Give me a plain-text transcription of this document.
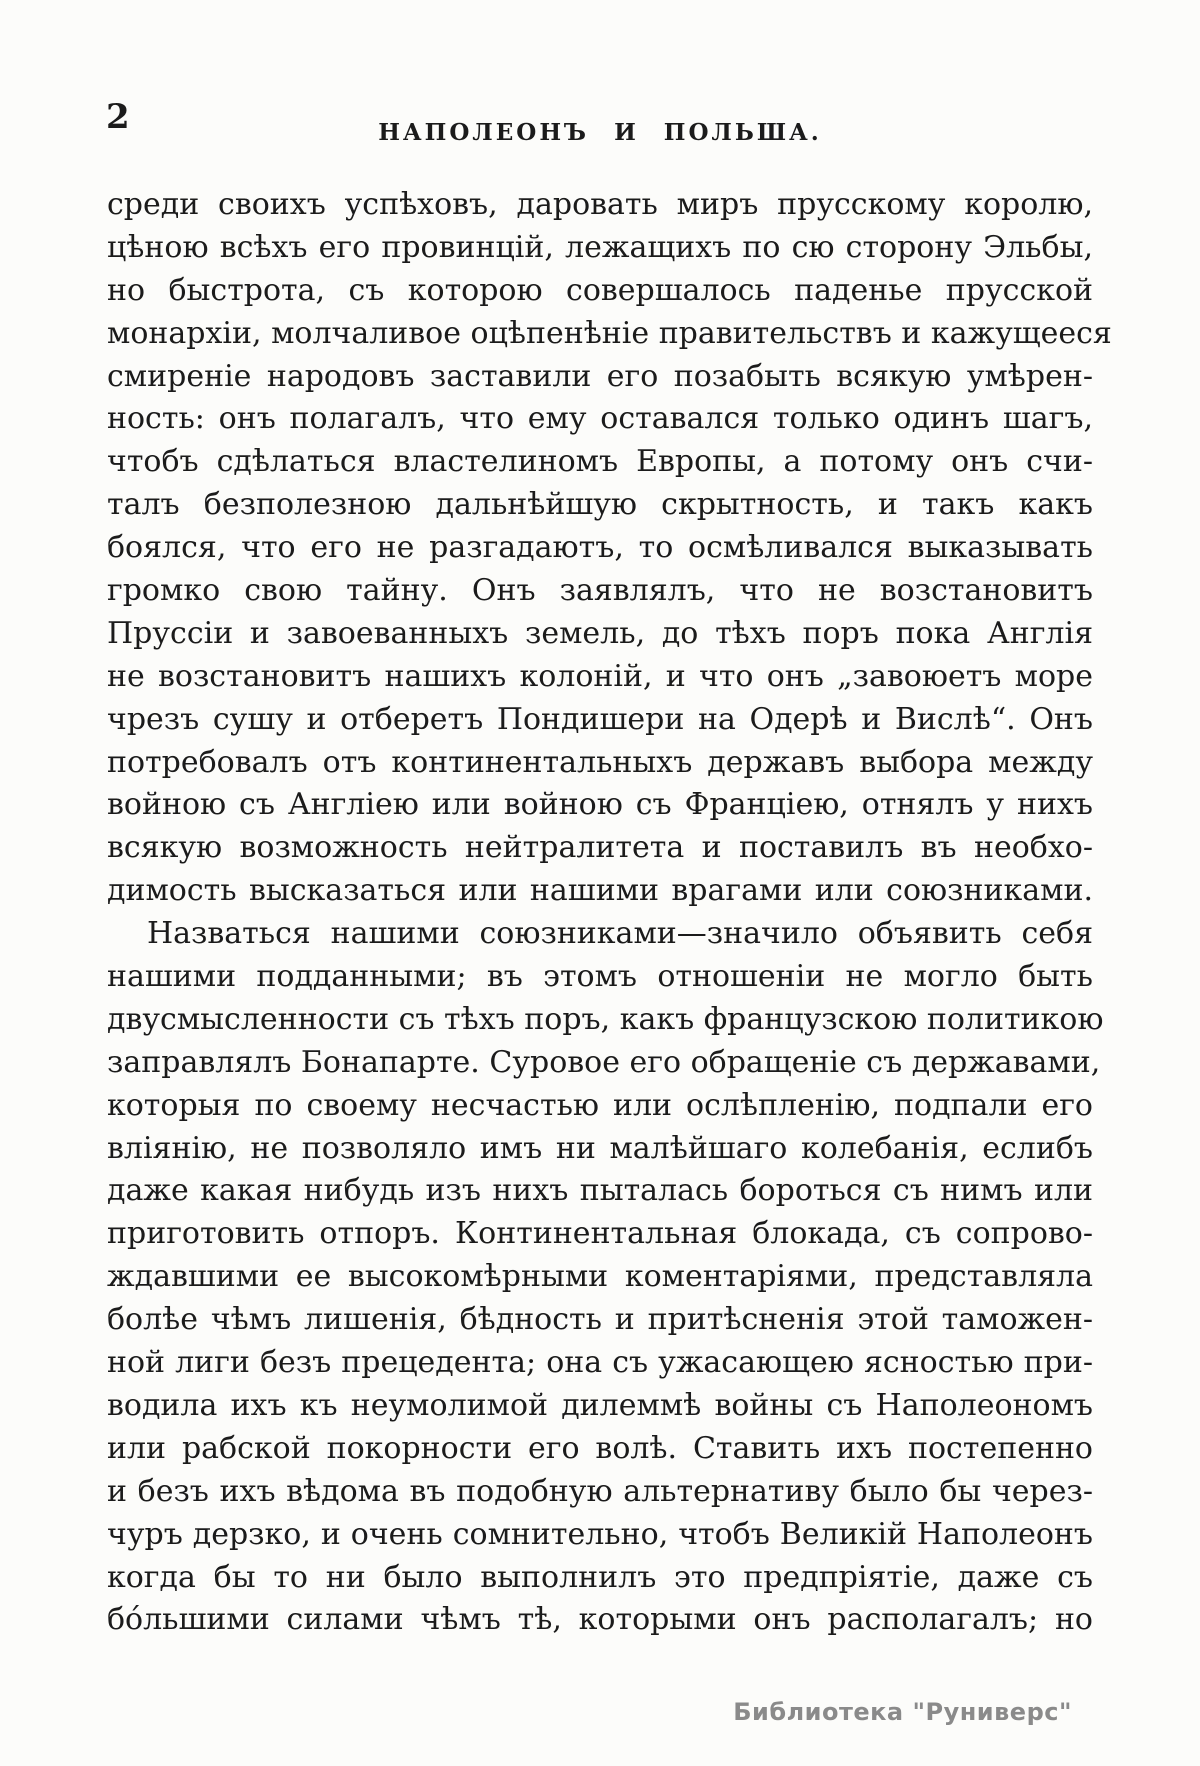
2	НАПОЛЕОНЪ И ПОЛЬША.
среди своихъ успѣховъ, даровать миръ прусскому королю,
цѣною всѣхъ его провинцій, лежащихъ по сю сторону Эльбы,
но быстрота, съ которою совершалось паденье прусской
монархіи, молчаливое оцѣпенѣніе правительствъ и кажущееся
смиреніе народовъ заставили его позабыть всякую умѣрен-
ность: онъ полагалъ, что ему оставался только одинъ шагъ,
чтобъ сдѣлаться властелиномъ Европы, а потому онъ счи-
талъ безполезною дальнѣйшую скрытность, и такъ какъ
боялся, что его не разгадаютъ, то осмѣливался выказывать
громко свою тайну. Онъ заявлялъ, что не возстановитъ
Пруссіи и завоеванныхъ земель, до тѣхъ поръ пока Англія
не возстановитъ нашихъ колоній, и что онъ „завоюетъ море
чрезъ сушу и отберетъ Пондишери на Одерѣ и Вислѣ“. Онъ
потребовалъ отъ континентальныхъ державъ выбора между
войною съ Англіею или войною съ Франціею, отнялъ у нихъ
всякую возможность нейтралитета и поставилъ въ необхо-
димость высказаться или нашими врагами или союзниками.
Назваться нашими союзниками—значило объявить себя
нашими подданными; въ этомъ отношеніи не могло быть
двусмысленности съ тѣхъ поръ, какъ французскою политикою
заправлялъ Бонапарте. Суровое его обращеніе съ державами,
которыя по своему несчастью или ослѣпленію, подпали его
вліянію, не позволяло имъ ни малѣйшаго колебанія, еслибъ
даже какая нибудь изъ нихъ пыталась бороться съ нимъ или
приготовить отпоръ. Континентальная блокада, съ сопрово-
ждавшими ее высокомѣрными коментаріями, представляла
болѣе чѣмъ лишенія, бѣдность и притѣсненія этой таможен-
ной лиги безъ прецедента; она съ ужасающею ясностью при-
водила ихъ къ неумолимой дилеммѣ войны съ Наполеономъ
или рабской покорности его волѣ. Ставить ихъ постепенно
и безъ ихъ вѣдома въ подобную альтернативу было бы через-
чуръ дерзко, и очень сомнительно, чтобъ Великій Наполеонъ
когда бы то ни было выполнилъ это предпріятіе, даже съ
бо́льшими силами чѣмъ тѣ, которыми онъ располагалъ; но
Библиотека "Руниверс"
